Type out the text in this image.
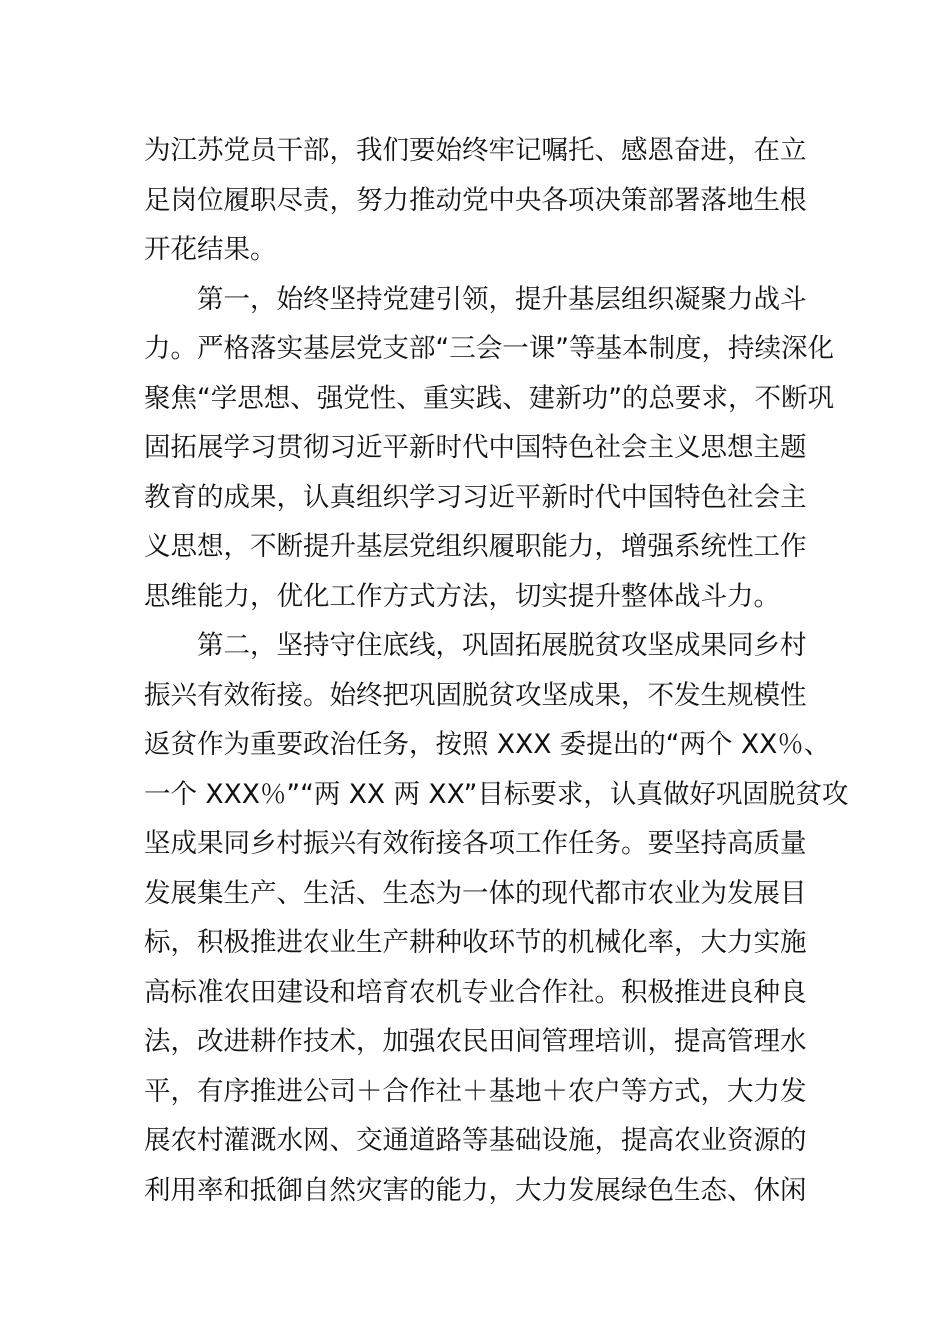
为江苏党员干部，我们要始终牢记嘱托、感恩奋进，在立
足岗位履职尽责，努力推动党中央各项决策部署落地生根
开花结果。
第一，始终坚持党建引领，提升基层组织凝聚力战斗
力。严格落实基层党支部“三会一课”等基本制度，持续深化
聚焦“学思想、强党性、重实践、建新功”的总要求，不断巩
固拓展学习贯彻习近平新时代中国特色社会主义思想主题
教育的成果，认真组织学习习近平新时代中国特色社会主
义思想，不断提升基层党组织履职能力，增强系统性工作
思维能力，优化工作方式方法，切实提升整体战斗力。
第二，坚持守住底线，巩固拓展脱贫攻坚成果同乡村
振兴有效衔接。始终把巩固脱贫攻坚成果，不发生规模性
返贫作为重要政治任务，按照 XXX 委提出的“两个 XX％、
一个 XXX％”“两 XX 两 XX”目标要求，认真做好巩固脱贫攻
坚成果同乡村振兴有效衔接各项工作任务。要坚持高质量
发展集生产、生活、生态为一体的现代都市农业为发展目
标，积极推进农业生产耕种收环节的机械化率，大力实施
高标准农田建设和培育农机专业合作社。积极推进良种良
法，改进耕作技术，加强农民田间管理培训，提高管理水
平，有序推进公司＋合作社＋基地＋农户等方式，大力发
展农村灌溉水网、交通道路等基础设施，提高农业资源的
利用率和抵御自然灾害的能力，大力发展绿色生态、休闲
